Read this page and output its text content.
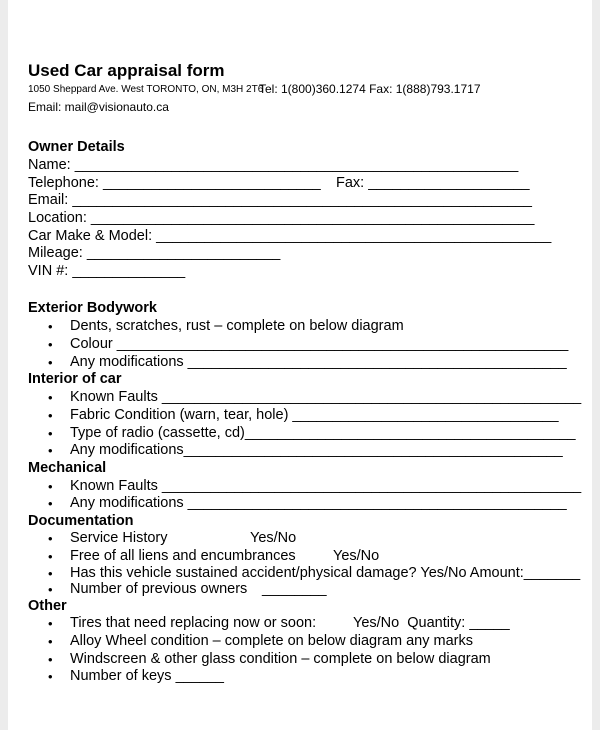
Used Car appraisal form
1050 Sheppard Ave. West TORONTO, ON, M3H 2T6
Tel: 1(800)360.1274 Fax: 1(888)793.1717
Email: mail@visionauto.ca
Owner Details
Name: _______________________________________________________
Telephone: ___________________________ Fax: ____________________
Email: _________________________________________________________
Location: _______________________________________________________
Car Make & Model: _________________________________________________
Mileage: ________________________
VIN #: ______________
Exterior Bodywork
• Dents, scratches, rust – complete on below diagram
• Colour ________________________________________________________
• Any modifications _______________________________________________
Interior of car
• Known Faults ____________________________________________________
• Fabric Condition (warn, tear, hole) _________________________________
• Type of radio (cassette, cd)_________________________________________
• Any modifications_______________________________________________
Mechanical
• Known Faults ____________________________________________________
• Any modifications _______________________________________________
Documentation
• Service History	Yes/No
• Free of all liens and encumbrances	Yes/No
• Has this vehicle sustained accident/physical damage? Yes/No Amount:_______
• Number of previous owners ________
Other
• Tires that need replacing now or soon:	Yes/No  Quantity: _____
• Alloy Wheel condition – complete on below diagram any marks
• Windscreen & other glass condition – complete on below diagram
• Number of keys ______
